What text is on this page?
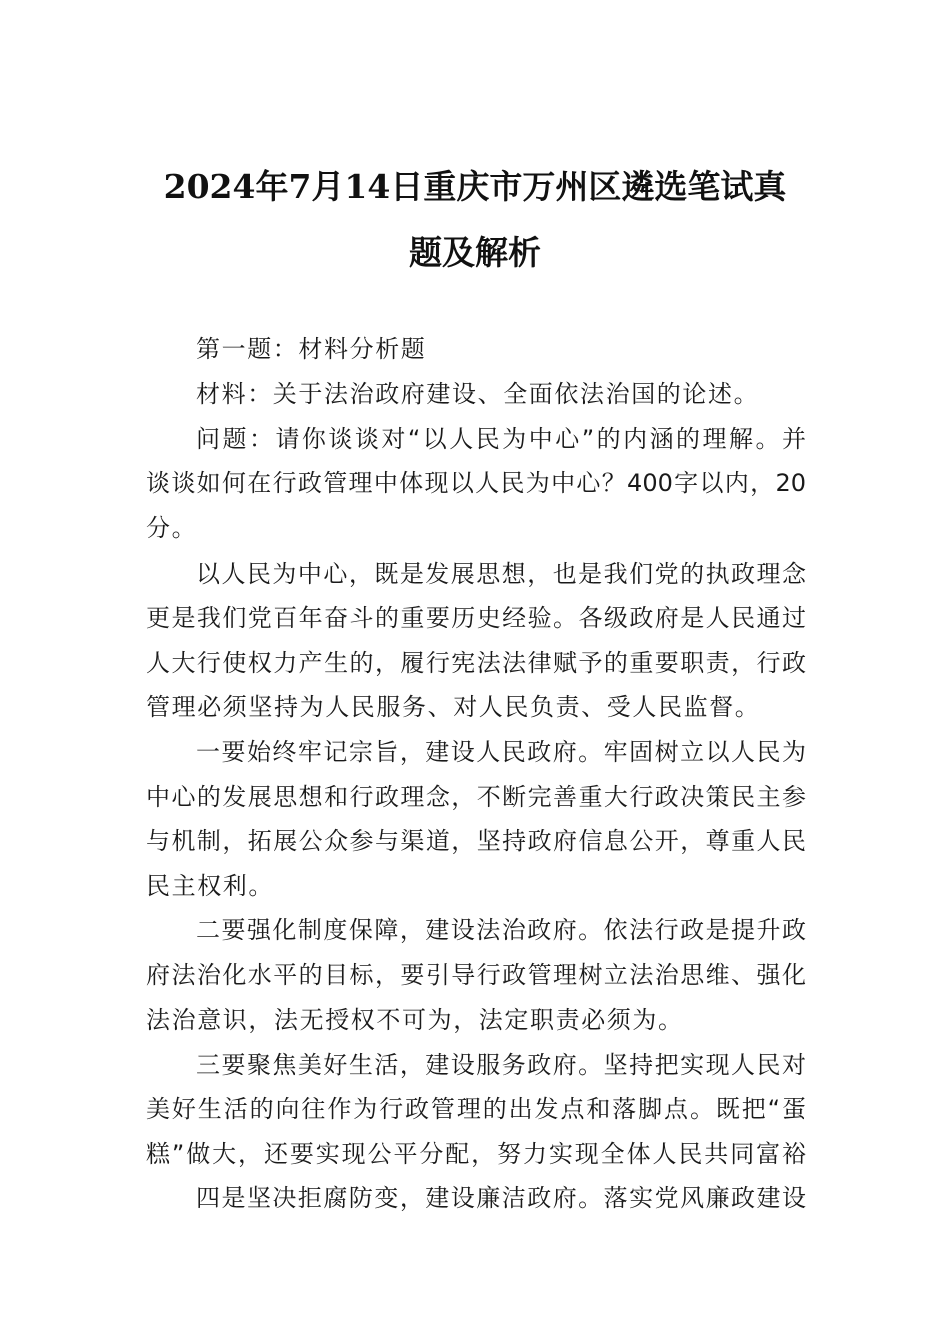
2024年7月14日重庆市万州区遴选笔试真
题及解析
第一题：材料分析题
材料：关于法治政府建设、全面依法治国的论述。
问题：请你谈谈对“以人民为中心”的内涵的理解。并
谈谈如何在行政管理中体现以人民为中心？400字以内，20
分。
以人民为中心，既是发展思想，也是我们党的执政理念
更是我们党百年奋斗的重要历史经验。各级政府是人民通过
人大行使权力产生的，履行宪法法律赋予的重要职责，行政
管理必须坚持为人民服务、对人民负责、受人民监督。
一要始终牢记宗旨，建设人民政府。牢固树立以人民为
中心的发展思想和行政理念，不断完善重大行政决策民主参
与机制，拓展公众参与渠道，坚持政府信息公开，尊重人民
民主权利。
二要强化制度保障，建设法治政府。依法行政是提升政
府法治化水平的目标，要引导行政管理树立法治思维、强化
法治意识，法无授权不可为，法定职责必须为。
三要聚焦美好生活，建设服务政府。坚持把实现人民对
美好生活的向往作为行政管理的出发点和落脚点。既把“蛋
糕”做大，还要实现公平分配，努力实现全体人民共同富裕
四是坚决拒腐防变，建设廉洁政府。落实党风廉政建设
